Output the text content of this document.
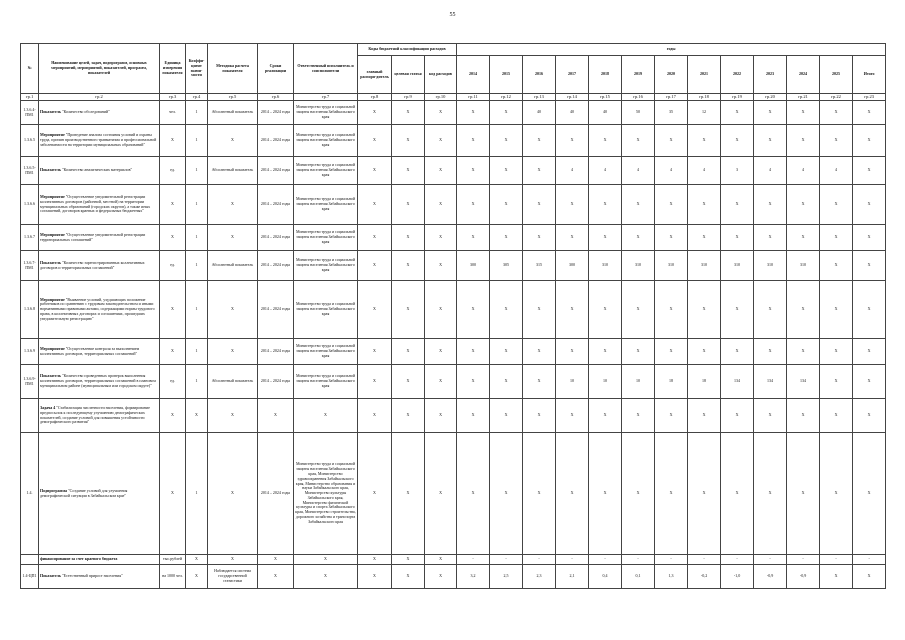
55
№	Наименование целей, задач, подпрограмм, основных мероприятий, мероприятий, показателей, программ, показателей	Единица измерения показателя	Коэффи-циент значи-мости	Методика расчета показателя	Сроки реализации	Ответственный исполнитель и соисполнители	Коды бюджетной классификации расходов			годы												
							главный распоря-дитель	целевая статья	код расходов	2014	2015	2016	2017	2018	2019	2020	2021	2022	2023	2024	2025	Итого
гр.1	гр.2	гр.3	гр.4	гр.5	гр.6	гр.7	гр.8	гр.9	гр.10	гр.11	гр.12	гр.13	гр.14	гр.15	гр.16	гр.17	гр.18	гр.19	гр.20	гр.21	гр.22	гр.23
1.3.6.4-ПМ1	Показатель "Количество обследований"	чел.	1	Абсолютный показатель	2014 – 2024 годы	Министерство труда и социальной защиты населения Забайкальского края	X	X	X	X	X	40	40	40	50	35	12	X	X	X	X	X
1.3.6.5	Мероприятие "Проведение анализа состояния условий и охраны труда, причин производственного травматизма и профессиональной заболеваемости на территории муниципальных образований"	X	1	X	2014 – 2024 годы	Министерство труда и социальной защиты населения Забайкальского края	X	X	X	X	X	X	X	X	X	X	X	X	X	X	X	X
1.3.6.5-ПМ1	Показатель "Количество аналитических материалов"	ед.	1	Абсолютный показатель	2014 – 2024 годы	Министерство труда и социальной защиты населения Забайкальского края	X	X	X	X	X	X	4	4	4	4	4	3	4	4	4	X
1.3.6.6	Мероприятие "Осуществление уведомительной регистрации коллективных договоров (районной, местной) на территории муниципальных образований (городских округов), а также иных соглашений, договоров краевых и федеральных бюджетных"	X	1	X	2014 – 2024 годы	Министерство труда и социальной защиты населения Забайкальского края	X	X	X	X	X	X	X	X	X	X	X	X	X	X	X	X
1.3.6.7	Мероприятие "Осуществление уведомительной регистрации территориальных соглашений"	X	1	X	2014 – 2024 годы	Министерство труда и социальной защиты населения Забайкальского края	X	X	X	X	X	X	X	X	X	X	X	X	X	X	X	X
1.3.6.7-ПМ1	Показатель "Количество зарегистрированных коллективных договоров и территориальных соглашений"	ед.	1	Абсолютный показатель	2014 – 2024 годы	Министерство труда и социальной защиты населения Забайкальского края	X	X	X	300	305	315	300	310	310	310	310	310	310	310	X	X
1.3.6.8	Мероприятие "Выявление условий, ухудшающих положение работников по сравнению с трудовым законодательством и иными нормативными правовыми актами, содержащими нормы трудового права, в коллективных договорах и соглашениях, прошедших уведомительную регистрацию"	X	1	X	2014 – 2024 годы	Министерство труда и социальной защиты населения Забайкальского края	X	X	X	X	X	X	X	X	X	X	X	X	X	X	X	X
1.3.6.9	Мероприятие "Осуществление контроля за выполнением коллективных договоров, территориальных соглашений"	X	1	X	2014 – 2024 годы	Министерство труда и социальной защиты населения Забайкальского края	X	X	X	X	X	X	X	X	X	X	X	X	X	X	X	X
1.3.6.9-ПМ1	Показатель "Количество проведенных проверок выполнения коллективных договоров, территориальных соглашений в плановом муниципальном районе (муниципальным или городском округе)"	ед.	1	Абсолютный показатель	2014 – 2024 годы	Министерство труда и социальной защиты населения Забайкальского края	X	X	X	X	X	X	10	10	10	18	18	134	134	134	X	X
	Задача 4 "Стабилизация численности населения, формирование предпосылок к последующему улучшению демографических показателей, создание условий для повышения устойчивости демографического развития"	X	X	X	X	X	X	X	X	X	X	X	X	X	X	X	X	X	X	X	X	X
1.4.	Подпрограмма "Создание условий для улучшения демографической ситуации в Забайкальском крае"	X	1	X	2014 – 2024 годы	Министерство труда и социальной защиты населения Забайкальского края, Министерство здравоохранения Забайкальского края, Министерство образования и науки Забайкальского края, Министерство культуры Забайкальского края, Министерство физической культуры и спорта Забайкальского края, Министерство строительства, дорожного хозяйства и транспорта Забайкальского края	X	X	X	X	X	X	X	X	X	X	X	X	X	X	X	X
	финансирование за счет краевого бюджета	тыс.рублей	X	X	X	X	X	X	X	-	-	-	-	-	-	-	-	-	-	-	-	-
1.4-ЦП1	Показатель "Естественный прирост населения"	на 1000 чел.	X	Наблюдается система государственной статистики	X	X	X	X	X	3,2	2,5	2,3	2,1	0,4	0,1	1,3	-0,2	-1,0	-0,9	-0,9	X	X
